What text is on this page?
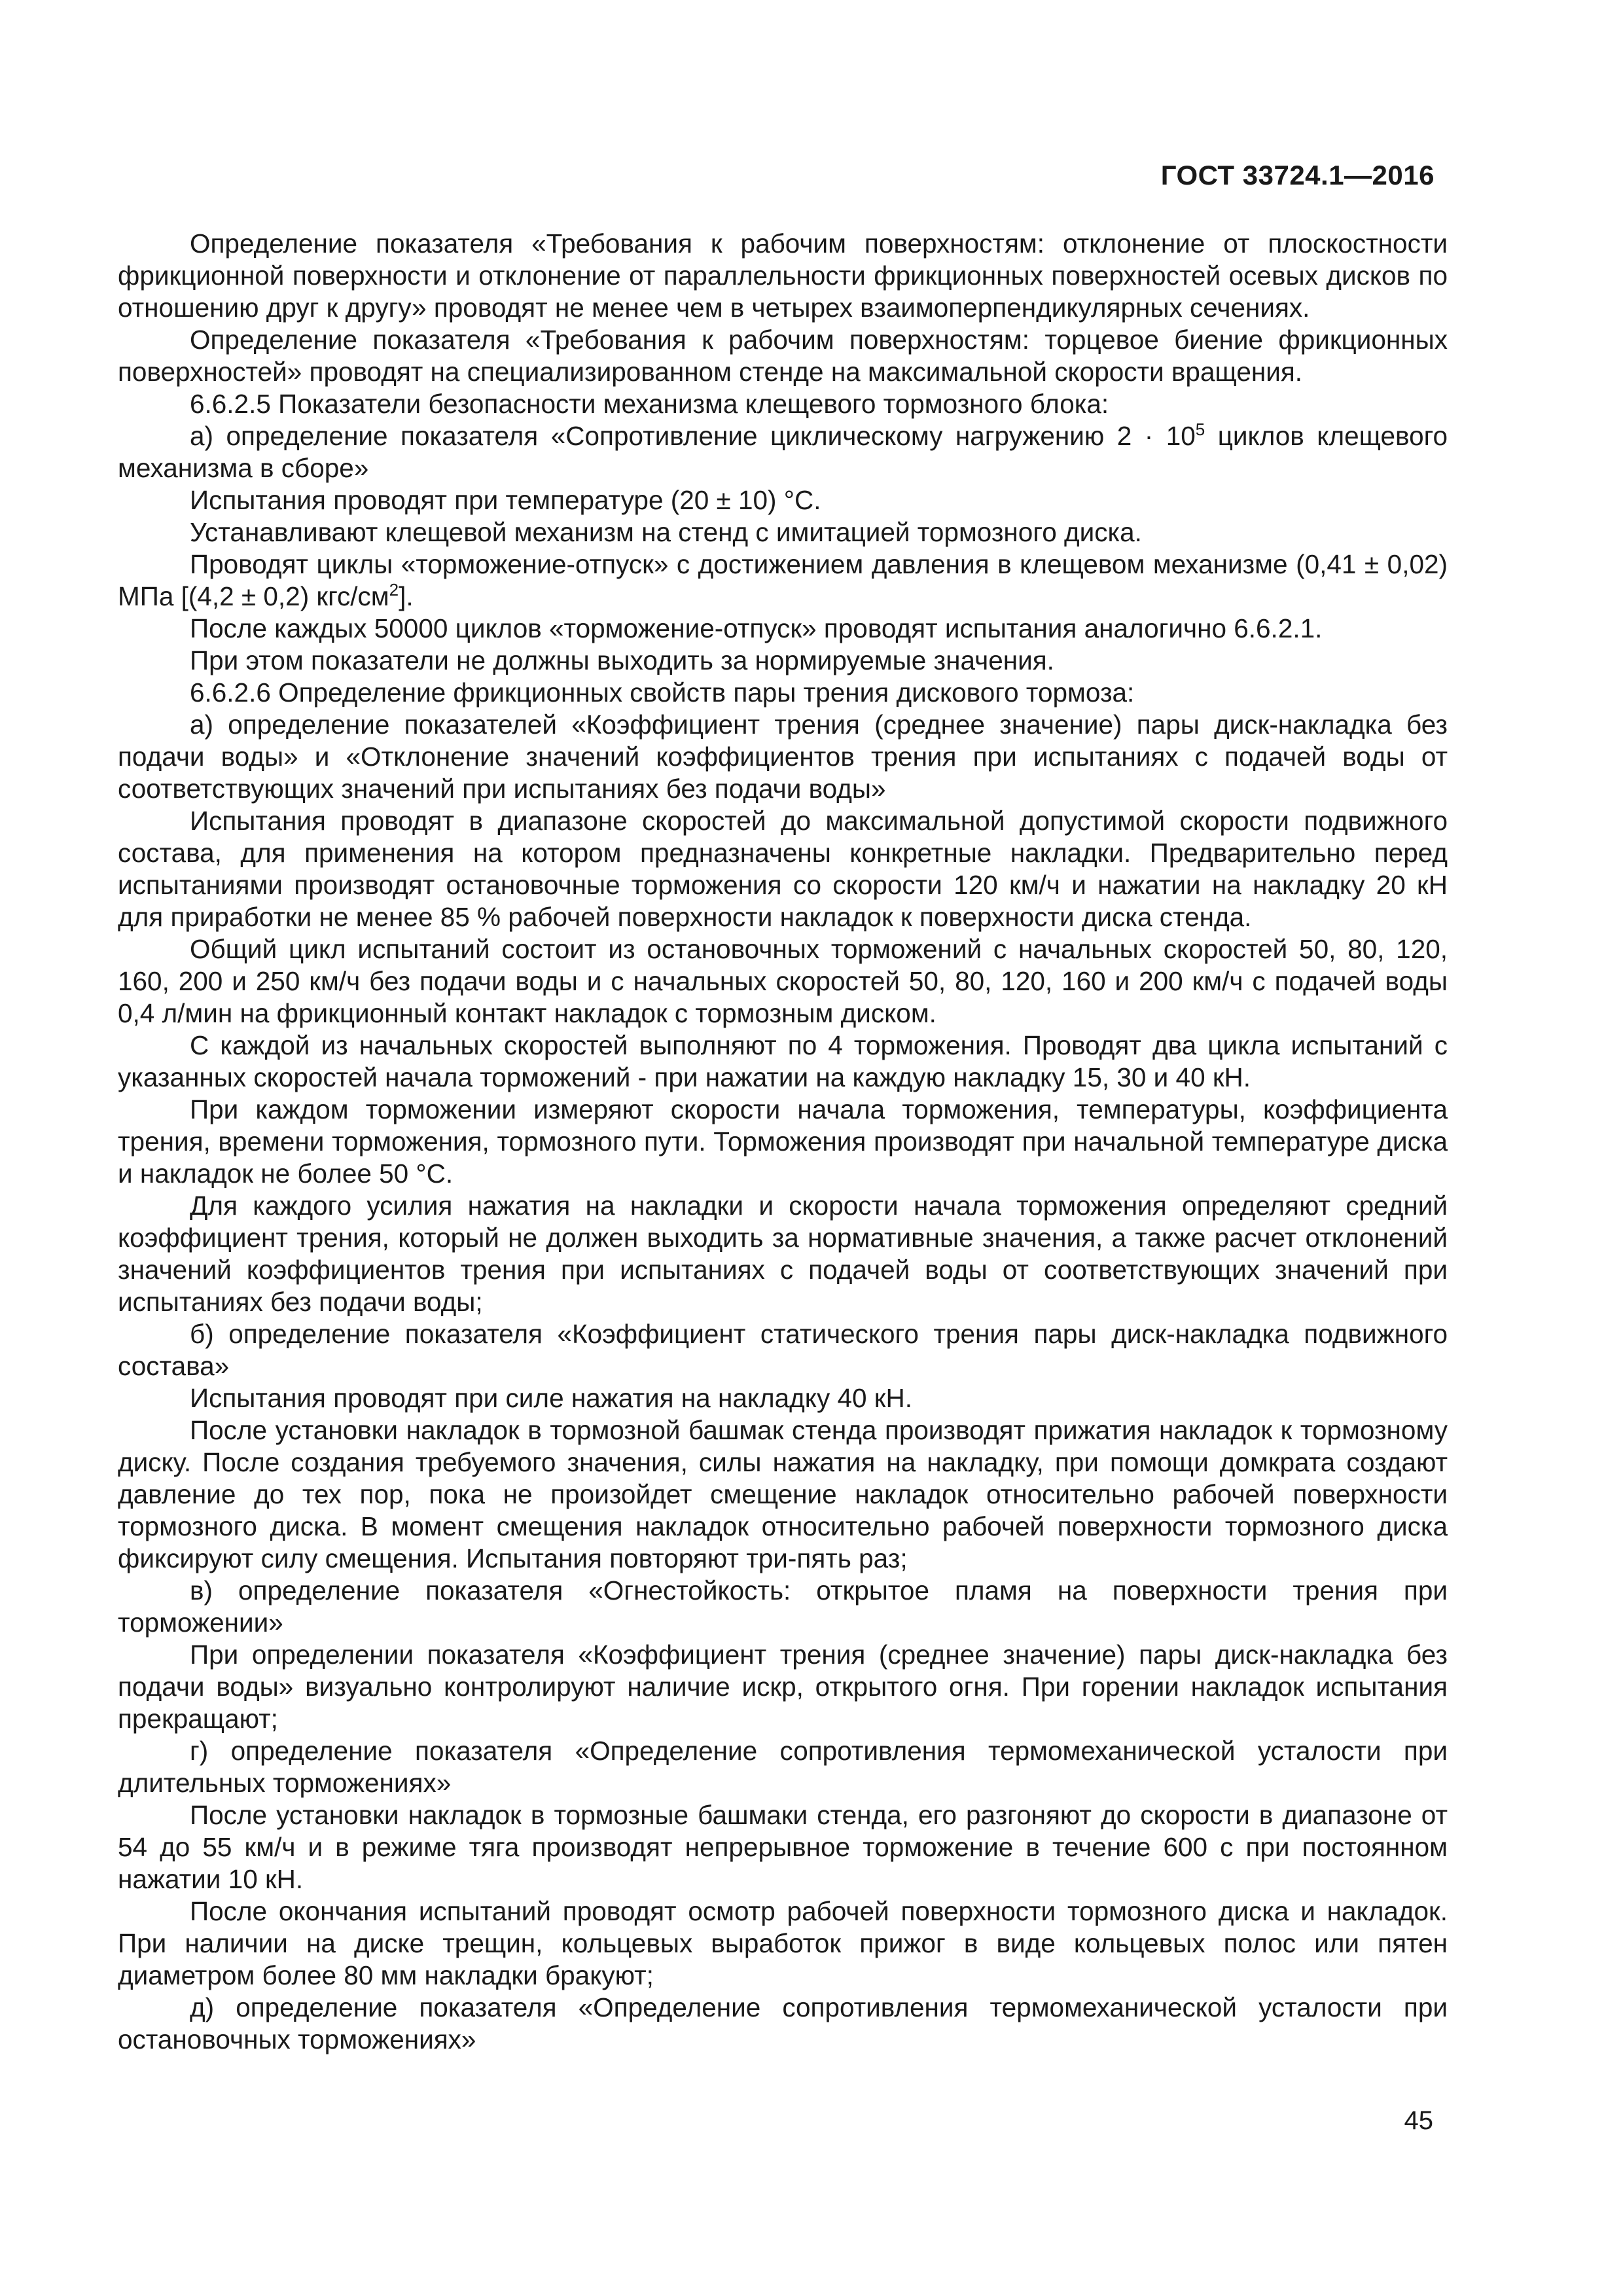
ГОСТ 33724.1—2016

Определение показателя «Требования к рабочим поверхностям: отклонение от плоскостности фрикционной поверхности и отклонение от параллельности фрикционных поверхностей осевых дисков по отношению друг к другу» проводят не менее чем в четырех взаимоперпендикулярных сечениях.

Определение показателя «Требования к рабочим поверхностям: торцевое биение фрикционных поверхностей» проводят на специализированном стенде на максимальной скорости вращения.

6.6.2.5 Показатели безопасности механизма клещевого тормозного блока:

а) определение показателя «Сопротивление циклическому нагружению $2 \cdot 10^5$ циклов клещевого механизма в сборе»

Испытания проводят при температуре (20 ± 10) °С.

Устанавливают клещевой механизм на стенд с имитацией тормозного диска.

Проводят циклы «торможение-отпуск» с достижением давления в клещевом механизме (0,41 ± 0,02) МПа [(4,2 ± 0,2) кгс/$см^2$].

После каждых 50000 циклов «торможение-отпуск» проводят испытания аналогично 6.6.2.1.

При этом показатели не должны выходить за нормируемые значения.

6.6.2.6 Определение фрикционных свойств пары трения дискового тормоза:

а) определение показателей «Коэффициент трения (среднее значение) пары диск-накладка без подачи воды» и «Отклонение значений коэффициентов трения при испытаниях с подачей воды от соответствующих значений при испытаниях без подачи воды»

Испытания проводят в диапазоне скоростей до максимальной допустимой скорости подвижного состава, для применения на котором предназначены конкретные накладки. Предварительно перед испытаниями производят остановочные торможения со скорости 120 км/ч и нажатии на накладку 20 кН для приработки не менее 85 % рабочей поверхности накладок к поверхности диска стенда.

Общий цикл испытаний состоит из остановочных торможений с начальных скоростей 50, 80, 120, 160, 200 и 250 км/ч без подачи воды и с начальных скоростей 50, 80, 120, 160 и 200 км/ч с подачей воды 0,4 л/мин на фрикционный контакт накладок с тормозным диском.

С каждой из начальных скоростей выполняют по 4 торможения. Проводят два цикла испытаний с указанных скоростей начала торможений - при нажатии на каждую накладку 15, 30 и 40 кН.

При каждом торможении измеряют скорости начала торможения, температуры, коэффициента трения, времени торможения, тормозного пути. Торможения производят при начальной температуре диска и накладок не более 50 °С.

Для каждого усилия нажатия на накладки и скорости начала торможения определяют средний коэффициент трения, который не должен выходить за нормативные значения, а также расчет отклонений значений коэффициентов трения при испытаниях с подачей воды от соответствующих значений при испытаниях без подачи воды;

б) определение показателя «Коэффициент статического трения пары диск-накладка подвижного состава»

Испытания проводят при силе нажатия на накладку 40 кН.

После установки накладок в тормозной башмак стенда производят прижатия накладок к тормозному диску. После создания требуемого значения, силы нажатия на накладку, при помощи домкрата создают давление до тех пор, пока не произойдет смещение накладок относительно рабочей поверхности тормозного диска. В момент смещения накладок относительно рабочей поверхности тормозного диска фиксируют силу смещения. Испытания повторяют три-пять раз;

в) определение показателя «Огнестойкость: открытое пламя на поверхности трения при торможении»

При определении показателя «Коэффициент трения (среднее значение) пары диск-накладка без подачи воды» визуально контролируют наличие искр, открытого огня. При горении накладок испытания прекращают;

г) определение показателя «Определение сопротивления термомеханической усталости при длительных торможениях»

После установки накладок в тормозные башмаки стенда, его разгоняют до скорости в диапазоне от 54 до 55 км/ч и в режиме тяга производят непрерывное торможение в течение 600 с при постоянном нажатии 10 кН.

После окончания испытаний проводят осмотр рабочей поверхности тормозного диска и накладок. При наличии на диске трещин, кольцевых выработок прижог в виде кольцевых полос или пятен диаметром более 80 мм накладки бракуют;

д) определение показателя «Определение сопротивления термомеханической усталости при остановочных торможениях»

45
